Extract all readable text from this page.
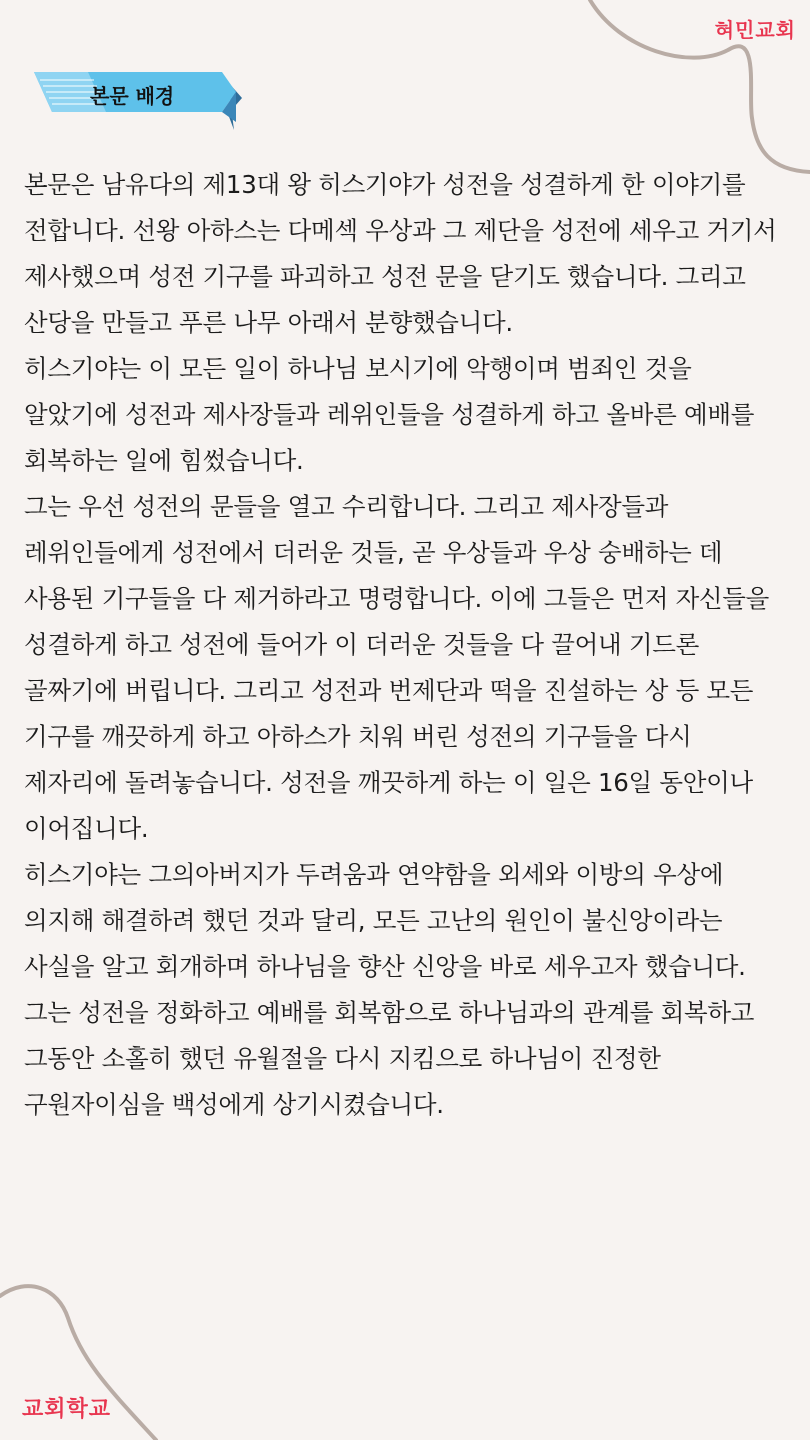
혀민교회
본문 배경

본문은 남유다의 제13대 왕 히스기야가 성전을 성결하게 한 이야기를 전합니다. 선왕 아하스는 다메섹 우상과 그 제단을 성전에 세우고 거기서 제사했으며 성전 기구를 파괴하고 성전 문을 닫기도 했습니다. 그리고 산당을 만들고 푸른 나무 아래서 분향했습니다.

히스기야는 이 모든 일이 하나님 보시기에 악행이며 범죄인 것을 알았기에 성전과 제사장들과 레위인들을 성결하게 하고 올바른 예배를 회복하는 일에 힘썼습니다.

그는 우선 성전의 문들을 열고 수리합니다. 그리고 제사장들과 레위인들에게 성전에서 더러운 것들, 곧 우상들과 우상 숭배하는 데 사용된 기구들을 다 제거하라고 명령합니다. 이에 그들은 먼저 자신들을 성결하게 하고 성전에 들어가 이 더러운 것들을 다 끌어내 기드론 골짜기에 버립니다. 그리고 성전과 번제단과 떡을 진설하는 상 등 모든 기구를 깨끗하게 하고 아하스가 치워 버린 성전의 기구들을 다시 제자리에 돌려놓습니다. 성전을 깨끗하게 하는 이 일은 16일 동안이나 이어집니다.

히스기야는 그의아버지가 두려움과 연약함을 외세와 이방의 우상에 의지해 해결하려 했던 것과 달리, 모든 고난의 원인이 불신앙이라는 사실을 알고 회개하며 하나님을 향산 신앙을 바로 세우고자 했습니다. 그는 성전을 정화하고 예배를 회복함으로 하나님과의 관계를 회복하고 그동안 소홀히 했던 유월절을 다시 지킴으로 하나님이 진정한 구원자이심을 백성에게 상기시켰습니다.

교회학교
